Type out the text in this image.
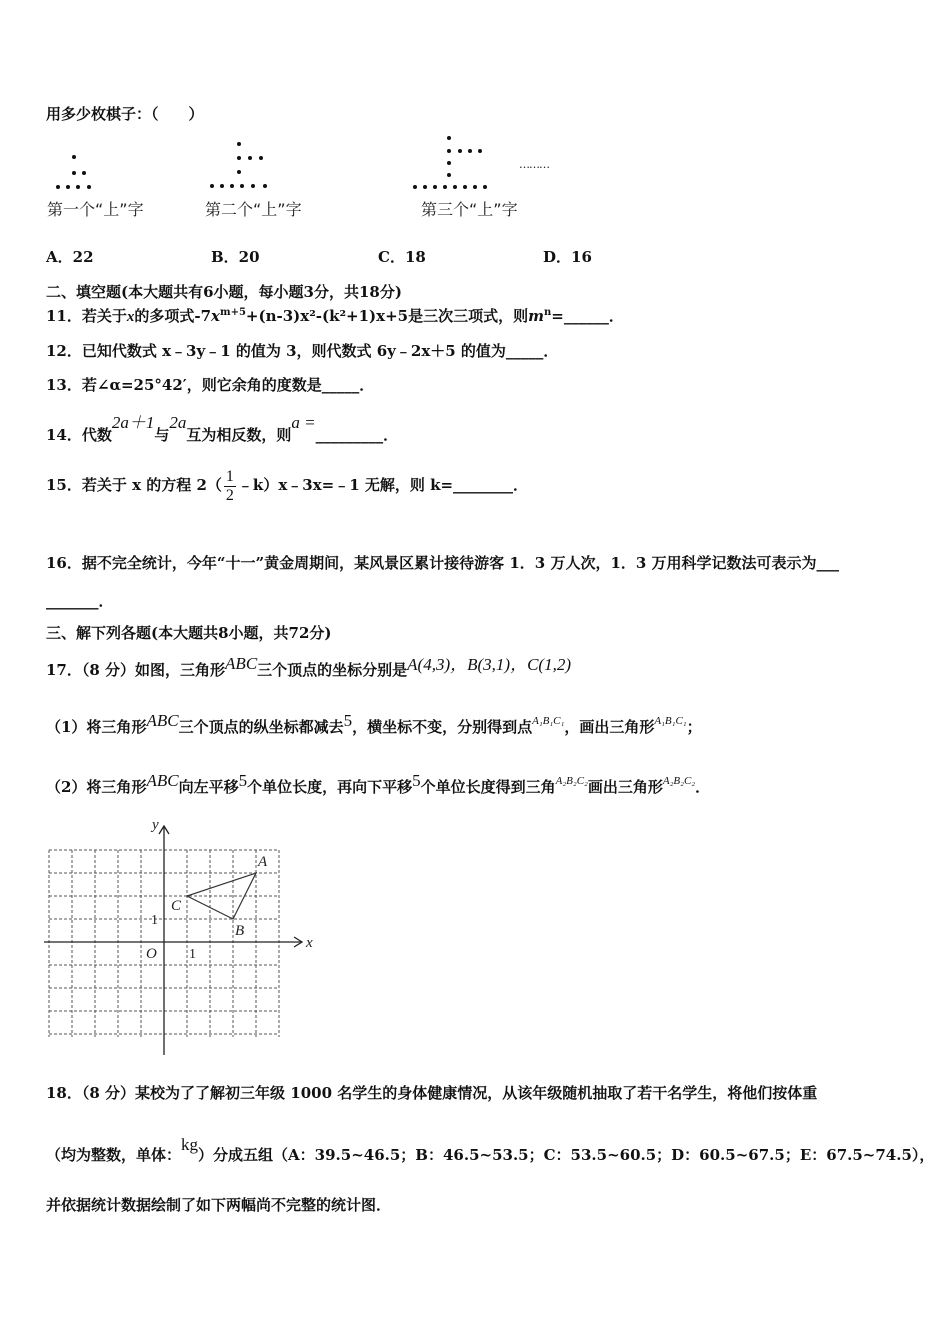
用多少枚棋子：（　　）
………
第一个“上”字	第二个“上”字	第三个“上”字
A．22	B．20	C．18	D．16
二、填空题(本大题共有6小题，每小题3分，共18分)
11．若关于x的多项式$-7x^{m+5}+(n-3)x^2-(k^2+1)x+5$是三次三项式，则$m^n=\_\_\_\_\_\_$．
12．已知代数式 x﹣3y﹣1 的值为 3，则代数式 6y﹣2x＋5 的值为_____．
13．若∠α=25°42′，则它余角的度数是_____．
14．代数2a＋1与2a互为相反数，则a =_________．
15．若关于 x 的方程 $2( \frac{1}{2}$ ﹣k）x﹣3x=﹣1 无解，则 k=________．
16．据不完全统计，今年“十一”黄金周期间，某风景区累计接待游客 1．3 万人次，1．3 万用科学记数法可表示为___
_______．
三、解下列各题(本大题共8小题，共72分)
17．（8 分）如图，三角形ABC三个顶点的坐标分别是A(4,3)，B(3,1)，C(1,2)
（1）将三角形ABC三个顶点的纵坐标都减去5，横坐标不变，分别得到点$^{A_1B_1C_1}$，画出三角形$^{A_1B_1C_1}$；
（2）将三角形ABC向左平移5个单位长度，再向下平移5个单位长度得到三角$^{A_2B_2C_2}$画出三角形$^{A_2B_2C_2}$．
x
y
O
A
B
C
1
1
18．（8 分）某校为了了解初三年级 1000 名学生的身体健康情况，从该年级随机抽取了若干名学生，将他们按体重
（均为整数，单体：kg）分成五组（A：39.5~46.5；B：46.5~53.5；C：53.5~60.5；D：60.5~67.5；E：67.5~74.5），
并依据统计数据绘制了如下两幅尚不完整的统计图．
